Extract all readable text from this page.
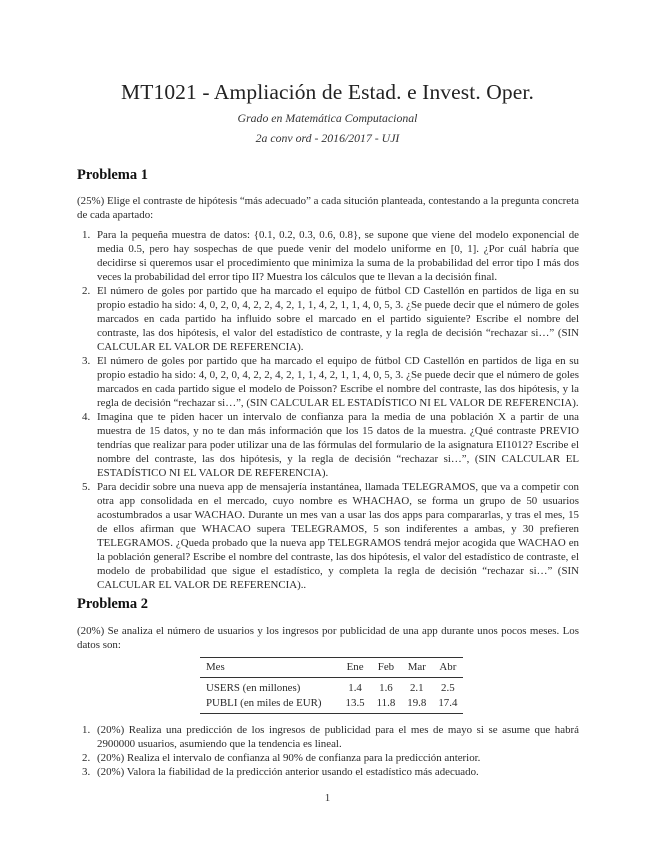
MT1021 - Ampliación de Estad. e Invest. Oper.
Grado en Matemática Computacional
2a conv ord - 2016/2017 - UJI
Problema 1
(25%) Elige el contraste de hipótesis “más adecuado” a cada situción planteada, contestando a la pregunta concreta de cada apartado:
1. Para la pequeña muestra de datos: {0.1, 0.2, 0.3, 0.6, 0.8}, se supone que viene del modelo exponencial de media 0.5, pero hay sospechas de que puede venir del modelo uniforme en [0, 1]. ¿Por cuál habría que decidirse si queremos usar el procedimiento que minimiza la suma de la probabilidad del error tipo I más dos veces la probabilidad del error tipo II? Muestra los cálculos que te llevan a la decisión final.
2. El número de goles por partido que ha marcado el equipo de fútbol CD Castellón en partidos de liga en su propio estadio ha sido: 4, 0, 2, 0, 4, 2, 2, 4, 2, 1, 1, 4, 2, 1, 1, 4, 0, 5, 3. ¿Se puede decir que el número de goles marcados en cada partido ha influido sobre el marcado en el partido siguiente? Escribe el nombre del contraste, las dos hipótesis, el valor del estadístico de contraste, y la regla de decisión “rechazar si…” (SIN CALCULAR EL VALOR DE REFERENCIA).
3. El número de goles por partido que ha marcado el equipo de fútbol CD Castellón en partidos de liga en su propio estadio ha sido: 4, 0, 2, 0, 4, 2, 2, 4, 2, 1, 1, 4, 2, 1, 1, 4, 0, 5, 3. ¿Se puede decir que el número de goles marcados en cada partido sigue el modelo de Poisson? Escribe el nombre del contraste, las dos hipótesis, y la regla de decisión “rechazar si…”, (SIN CALCULAR EL ESTADÍSTICO NI EL VALOR DE REFERENCIA).
4. Imagina que te piden hacer un intervalo de confianza para la media de una población X a partir de una muestra de 15 datos, y no te dan más información que los 15 datos de la muestra. ¿Qué contraste PREVIO tendrías que realizar para poder utilizar una de las fórmulas del formulario de la asignatura EI1012? Escribe el nombre del contraste, las dos hipótesis, y la regla de decisión “rechazar si…”, (SIN CALCULAR EL ESTADÍSTICO NI EL VALOR DE REFERENCIA).
5. Para decidir sobre una nueva app de mensajería instantánea, llamada TELEGRAMOS, que va a competir con otra app consolidada en el mercado, cuyo nombre es WHACHAO, se forma un grupo de 50 usuarios acostumbrados a usar WACHAO. Durante un mes van a usar las dos apps para compararlas, y tras el mes, 15 de ellos afirman que WHACAO supera TELEGRAMOS, 5 son indiferentes a ambas, y 30 prefieren TELEGRAMOS. ¿Queda probado que la nueva app TELEGRAMOS tendrá mejor acogida que WACHAO en la población general? Escribe el nombre del contraste, las dos hipótesis, el valor del estadístico de contraste, el modelo de probabilidad que sigue el estadístico, y completa la regla de decisión “rechazar si…” (SIN CALCULAR EL VALOR DE REFERENCIA)..
Problema 2
(20%) Se analiza el número de usuarios y los ingresos por publicidad de una app durante unos pocos meses. Los datos son:
Mes	Ene	Feb	Mar	Abr
USERS (en millones)	1.4	1.6	2.1	2.5
PUBLI (en miles de EUR)	13.5	11.8	19.8	17.4
1. (20%) Realiza una predicción de los ingresos de publicidad para el mes de mayo si se asume que habrá 2900000 usuarios, asumiendo que la tendencia es lineal.
2. (20%) Realiza el intervalo de confianza al 90% de confianza para la predicción anterior.
3. (20%) Valora la fiabilidad de la predicción anterior usando el estadístico más adecuado.
1
